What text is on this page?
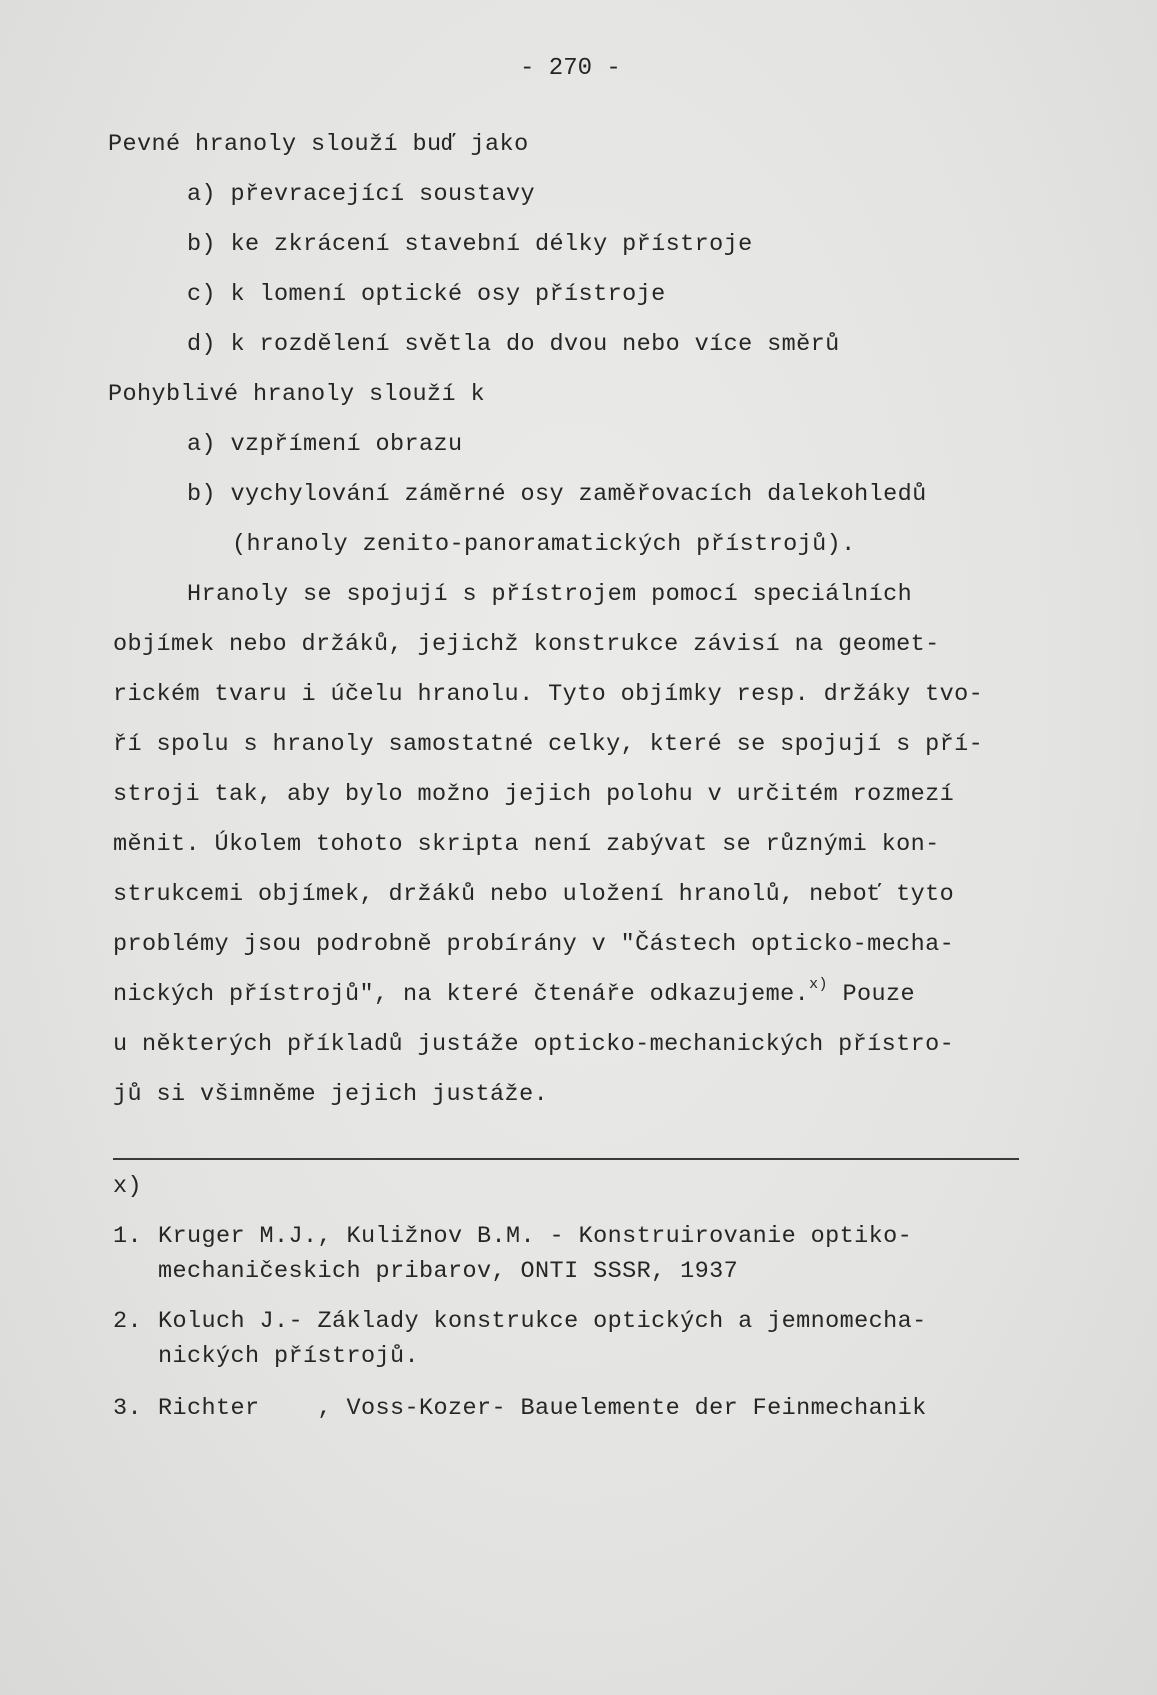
- 270 -
Pevné hranoly slouží buď jako
a) převracející soustavy
b) ke zkrácení stavební délky přístroje
c) k lomení optické osy přístroje
d) k rozdělení světla do dvou nebo více směrů
Pohyblivé hranoly slouží k
a) vzpřímení obrazu
b) vychylování záměrné osy zaměřovacích dalekohledů
(hranoly zenito-panoramatických přístrojů).
Hranoly se spojují s přístrojem pomocí speciálních
objímek nebo držáků, jejichž konstrukce závisí na geomet-
rickém tvaru i účelu hranolu. Tyto objímky resp. držáky tvo-
ří spolu s hranoly samostatné celky, které se spojují s pří-
stroji tak, aby bylo možno jejich polohu v určitém rozmezí
měnit. Úkolem tohoto skripta není zabývat se různými kon-
strukcemi objímek, držáků nebo uložení hranolů, neboť tyto
problémy jsou podrobně probírány v "Částech opticko-mecha-
nických přístrojů", na které čtenáře odkazujeme.$^{x)}$ Pouze
u některých příkladů justáže opticko-mechanických přístro-
jů si všimněme jejich justáže.
x)
1. Kruger M.J., Kuližnov B.M. - Konstruirovanie optiko-
mechaničeskich pribarov, ONTI SSSR, 1937
2. Koluch J.- Základy konstrukce optických a jemnomecha-
nických přístrojů.
3. Richter    , Voss-Kozer- Bauelemente der Feinmechanik
